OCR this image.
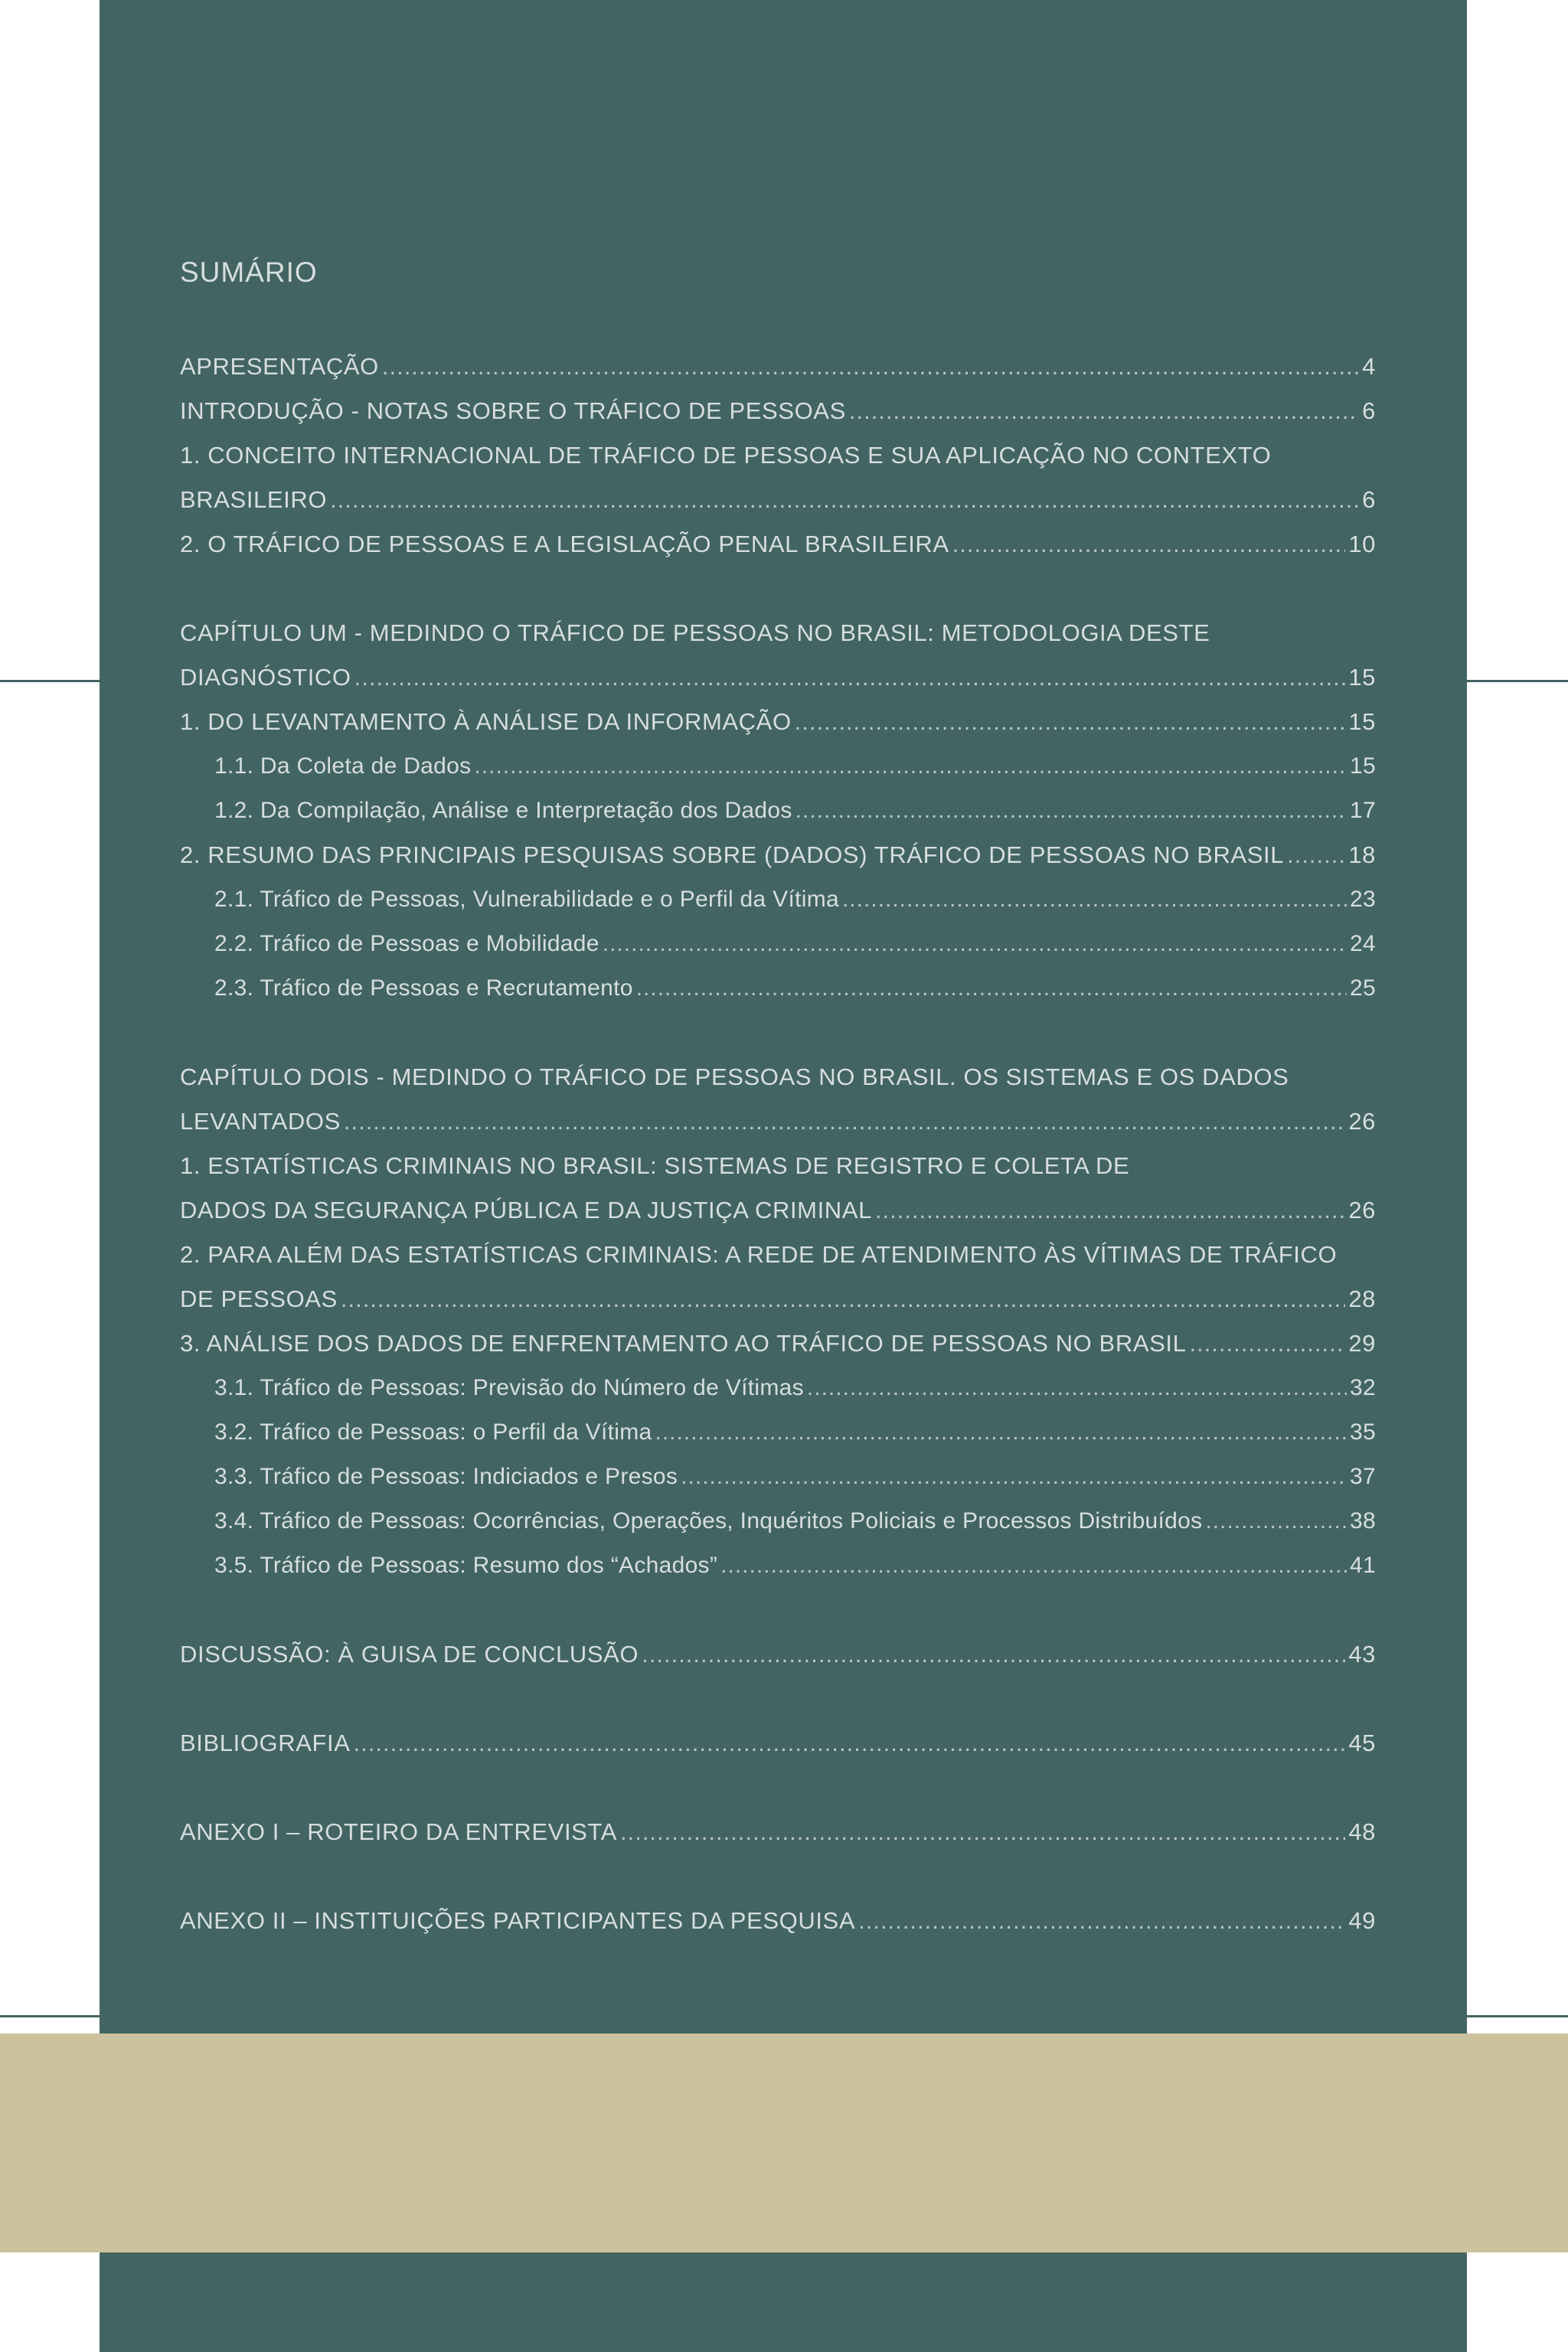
SUMÁRIO
APRESENTAÇÃO .....	4
INTRODUÇÃO - NOTAS SOBRE O TRÁFICO DE PESSOAS .....	6
1. CONCEITO INTERNACIONAL DE TRÁFICO DE PESSOAS E SUA APLICAÇÃO NO CONTEXTO
BRASILEIRO .....	6
2. O TRÁFICO DE PESSOAS E A LEGISLAÇÃO PENAL BRASILEIRA .....	10
CAPÍTULO UM - MEDINDO O TRÁFICO DE PESSOAS NO BRASIL: METODOLOGIA DESTE
DIAGNÓSTICO .....	15
1. DO LEVANTAMENTO À ANÁLISE DA INFORMAÇÃO .....	15
1.1. Da Coleta de Dados .....	15
1.2. Da Compilação, Análise e Interpretação dos Dados .....	17
2. RESUMO DAS PRINCIPAIS PESQUISAS SOBRE (DADOS) TRÁFICO DE PESSOAS NO BRASIL .....	18
2.1. Tráfico de Pessoas, Vulnerabilidade e o Perfil da Vítima .....	23
2.2. Tráfico de Pessoas e Mobilidade .....	24
2.3. Tráfico de Pessoas e Recrutamento .....	25
CAPÍTULO DOIS - MEDINDO O TRÁFICO DE PESSOAS NO BRASIL. OS SISTEMAS E OS DADOS
LEVANTADOS .....	26
1. ESTATÍSTICAS CRIMINAIS NO BRASIL: SISTEMAS DE REGISTRO E COLETA DE
DADOS DA SEGURANÇA PÚBLICA E DA JUSTIÇA CRIMINAL .....	26
2. PARA ALÉM DAS ESTATÍSTICAS CRIMINAIS: A REDE DE ATENDIMENTO ÀS VÍTIMAS DE TRÁFICO
DE PESSOAS .....	28
3. ANÁLISE DOS DADOS DE ENFRENTAMENTO AO TRÁFICO DE PESSOAS NO BRASIL .....	29
3.1. Tráfico de Pessoas: Previsão do Número de Vítimas .....	32
3.2. Tráfico de Pessoas: o Perfil da Vítima .....	35
3.3. Tráfico de Pessoas: Indiciados e Presos .....	37
3.4. Tráfico de Pessoas: Ocorrências, Operações, Inquéritos Policiais e Processos Distribuídos .....	38
3.5. Tráfico de Pessoas: Resumo dos “Achados” .....	41
DISCUSSÃO: À GUISA DE CONCLUSÃO .....	43
BIBLIOGRAFIA .....	45
ANEXO I – ROTEIRO DA ENTREVISTA .....	48
ANEXO II – INSTITUIÇÕES PARTICIPANTES DA PESQUISA .....	49
